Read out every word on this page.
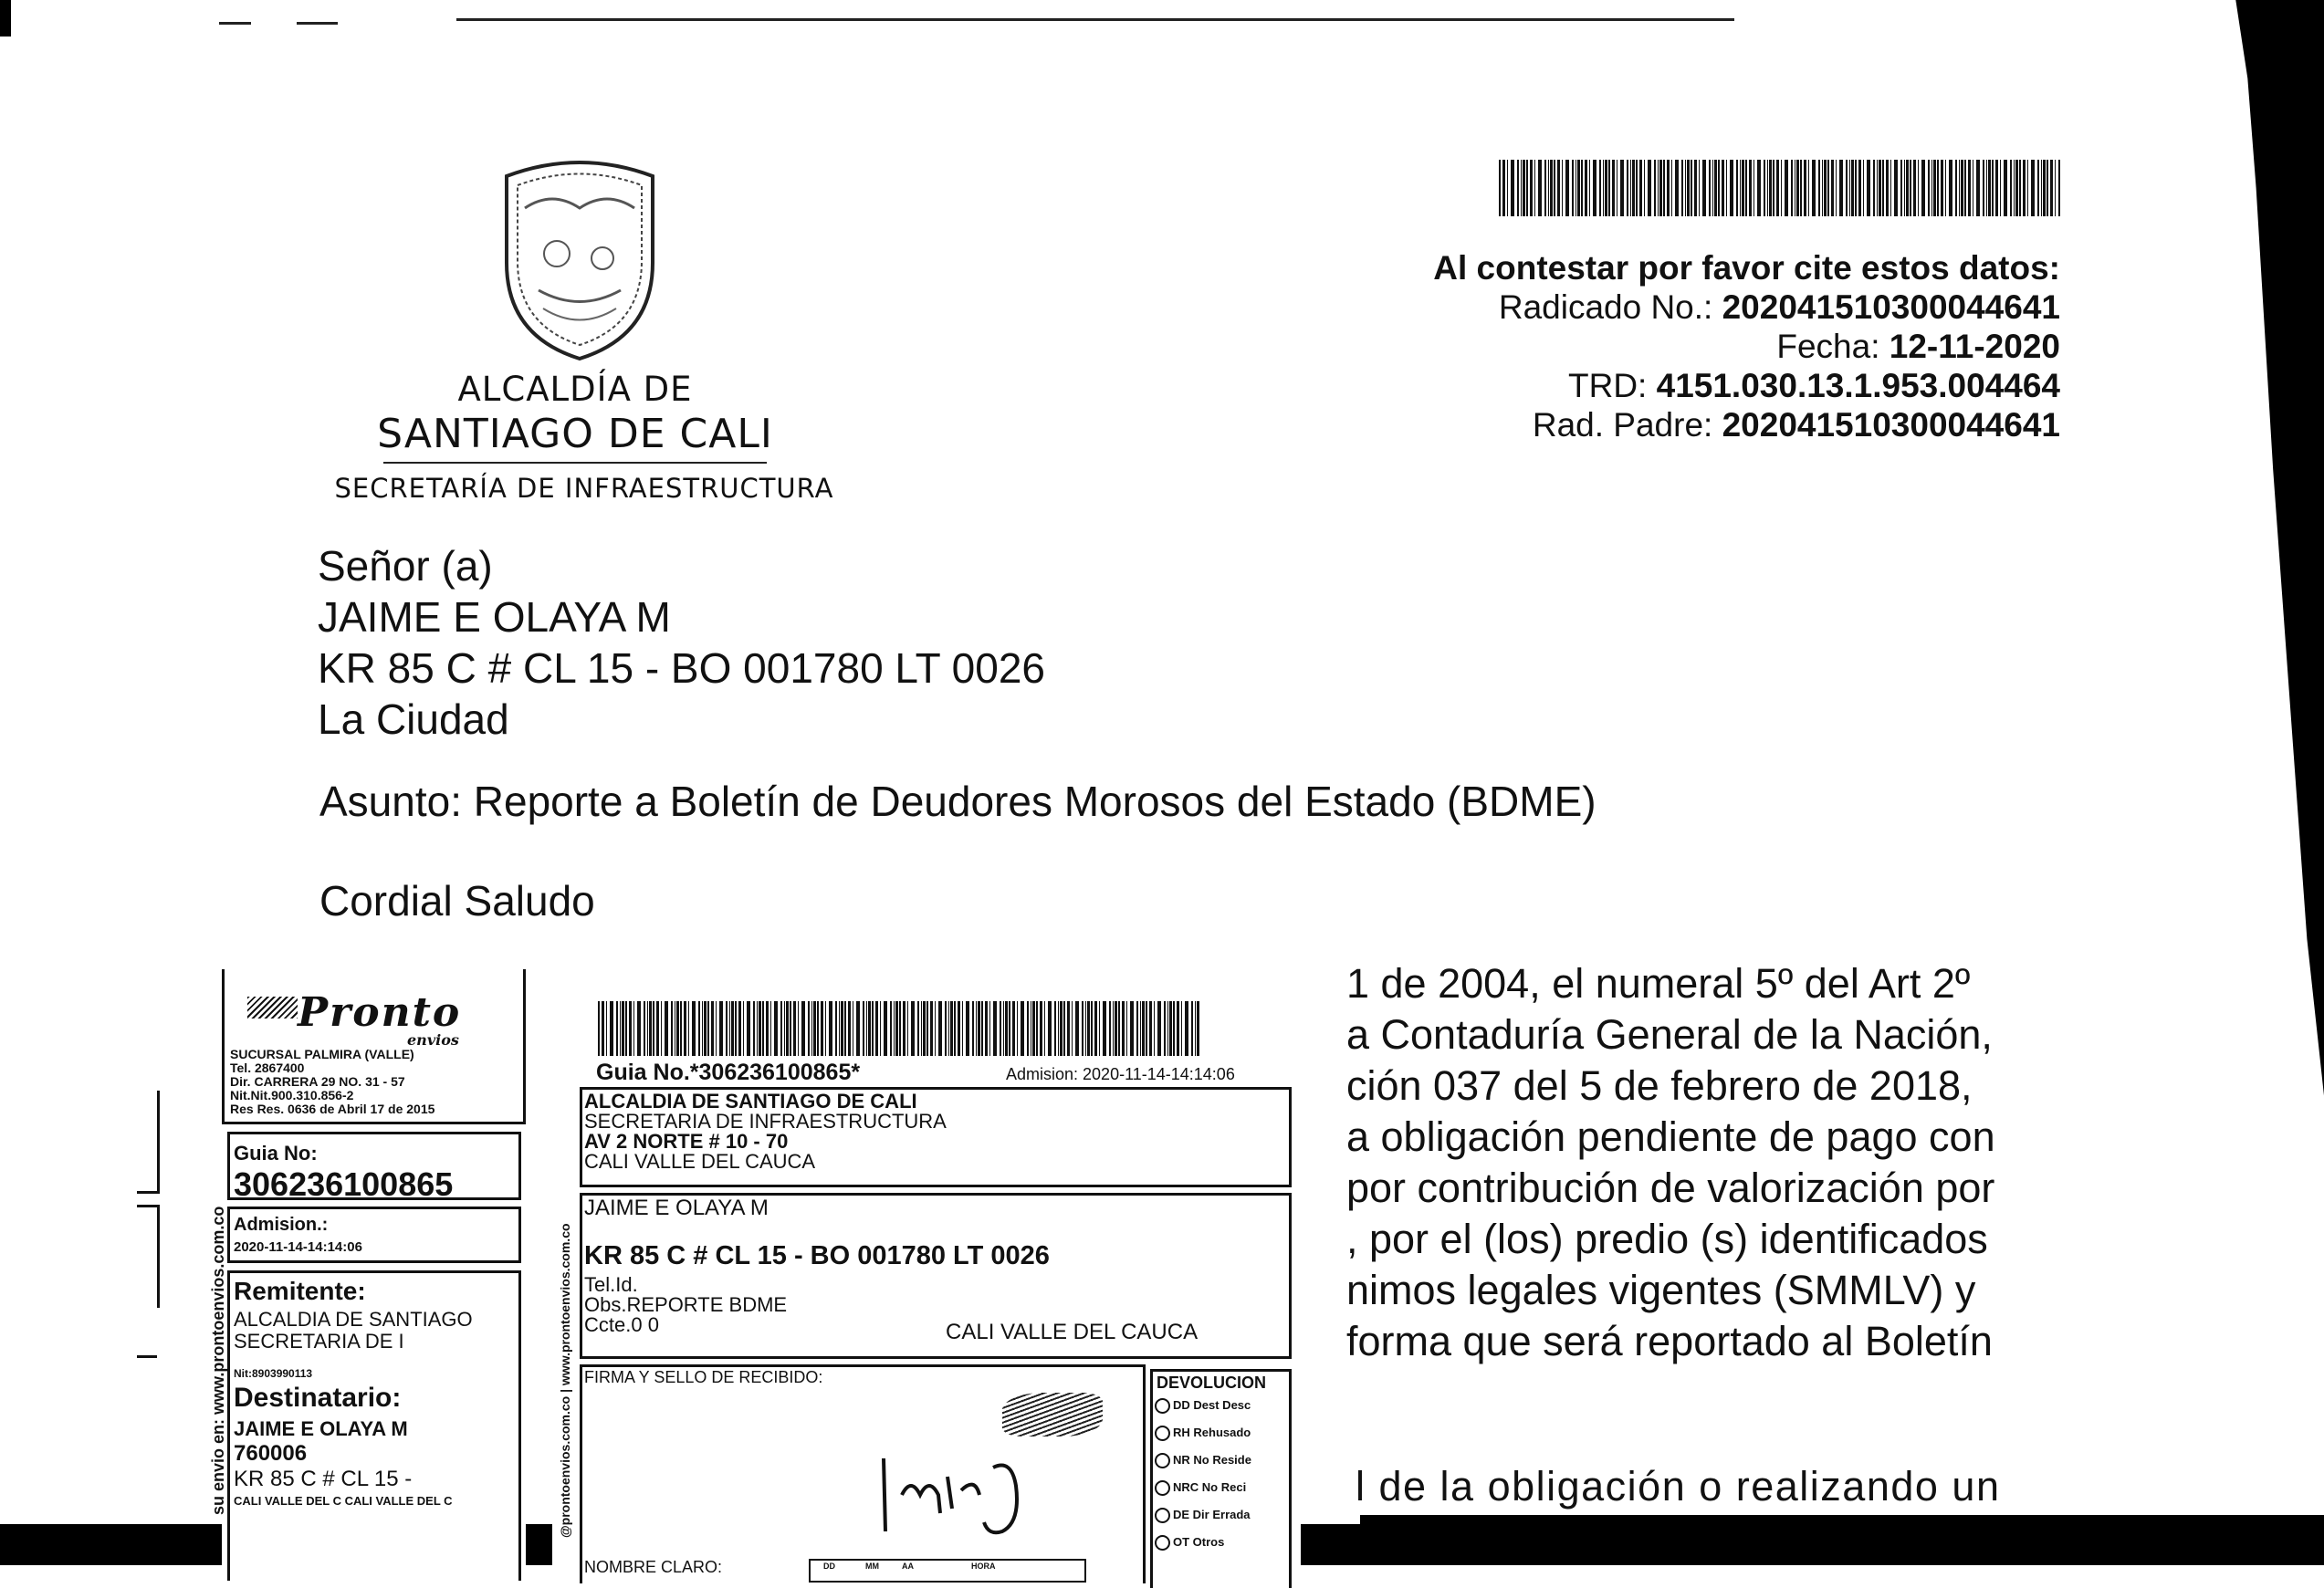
ALCALDÍA DE
SANTIAGO DE CALI
SECRETARÍA DE INFRAESTRUCTURA
Al contestar por favor cite estos datos:
Radicado No.: 202041510300044641
Fecha: 12-11-2020
TRD: 4151.030.13.1.953.004464
Rad. Padre: 202041510300044641
Señor (a)
JAIME E OLAYA M
KR 85 C # CL 15 - BO 001780 LT 0026
La Ciudad
Asunto: Reporte a Boletín de Deudores Morosos del Estado (BDME)
Cordial Saludo
1 de 2004, el numeral 5º del Art 2º
a Contaduría General de la Nación,
ción 037 del 5 de febrero de 2018,
a obligación pendiente de pago con
por contribución de valorización por
, por el (los) predio (s) identificados
nimos legales vigentes (SMMLV) y
forma que será reportado al Boletín
l de la obligación o realizando un
Pronto
envios
SUCURSAL PALMIRA (VALLE)
Tel. 2867400
Dir. CARRERA 29 NO. 31 - 57
Nit.Nit.900.310.856-2
Res Res. 0636 de Abril 17 de 2015
Guia No:
306236100865
Admision.:
2020-11-14-14:14:06
Remitente:
ALCALDIA DE SANTIAGO
SECRETARIA DE I
Nit:8903990113
Destinatario:
JAIME E OLAYA M
760006
KR 85 C # CL 15 -
CALI VALLE DEL C CALI VALLE DEL C
su envio en: www.prontoenvios.com.co
Guia No.*306236100865*	Admision: 2020-11-14-14:14:06
ALCALDIA DE SANTIAGO DE CALI
SECRETARIA DE INFRAESTRUCTURA
AV 2 NORTE # 10 - 70
CALI VALLE DEL CAUCA
JAIME E OLAYA M
KR 85 C # CL 15 - BO 001780 LT 0026
Tel.Id.
Obs.REPORTE BDME
Ccte.0 0	CALI VALLE DEL CAUCA
FIRMA Y SELLO DE RECIBIDO:
NOMBRE CLARO:	DD	MM	AA	HORA
DEVOLUCION
DD Dest Desc
RH Rehusado
NR No Reside
NRC No Reci
DE Dir Errada
OT Otros
@prontoenvios.com.co | www.prontoenvios.com.co
